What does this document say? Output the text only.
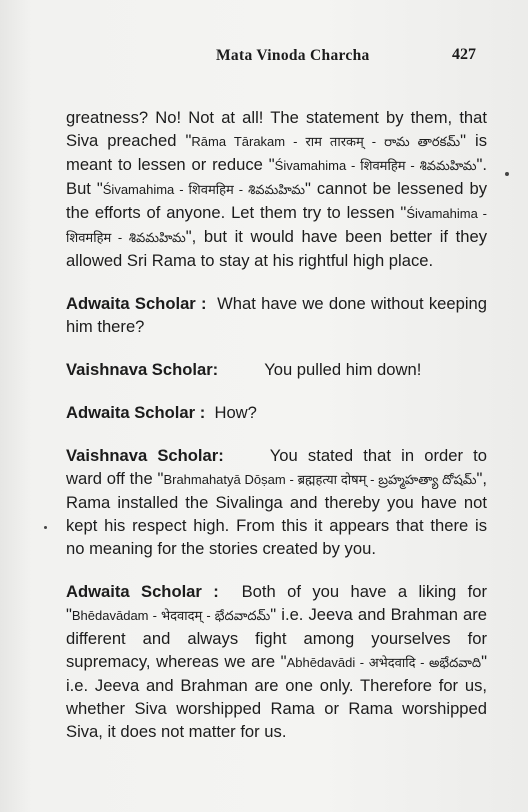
Mata Vinoda Charcha	427

greatness? No! Not at all! The statement by them, that Siva preached "Rāma Tārakam - राम तारकम् - రామ తారకమ్" is meant to lessen or reduce "Śivamahima - शिवमहिम - శివమహిమ". But "Śivamahima - शिवमहिम - శివమహిమ" cannot be lessened by the efforts of anyone. Let them try to lessen "Śivamahima - शिवमहिम - శివమహిమ", but it would have been better if they allowed Sri Rama to stay at his rightful high place.

Adwaita Scholar : What have we done without keeping him there?

Vaishnava Scholar:	You pulled him down!

Adwaita Scholar : How?

Vaishnava Scholar:	You stated that in order to ward off the "Brahmahatyā Dōṣam - ब्रह्महत्या दोषम् - బ్రహ్మహత్యా దోషమ్", Rama installed the Sivalinga and thereby you have not kept his respect high. From this it appears that there is no meaning for the stories created by you.

Adwaita Scholar : Both of you have a liking for "Bhēdavādam - भेदवादम् - భేదవాదమ్" i.e. Jeeva and Brahman are different and always fight among yourselves for supremacy, whereas we are "Abhēdavādi - अभेदवादि - అభేదవాది" i.e. Jeeva and Brahman are one only. Therefore for us, whether Siva worshipped Rama or Rama worshipped Siva, it does not matter for us.
